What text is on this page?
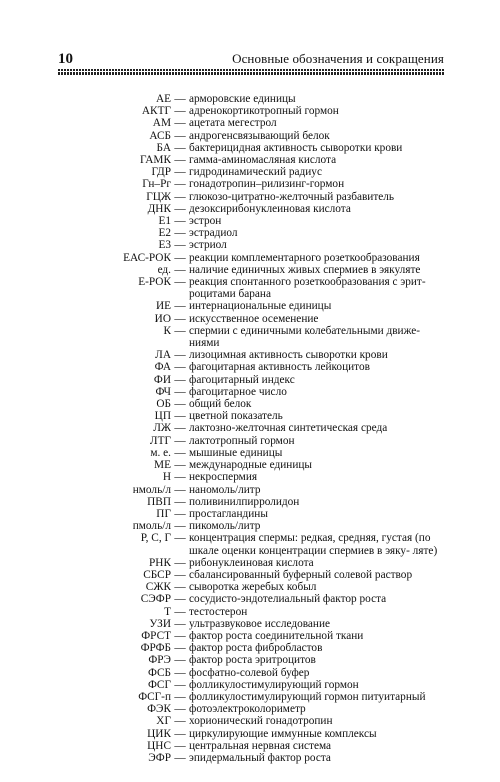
10	Основные обозначения и сокращения
АЕ — арморовские единицы
АКТГ — адренокортикотропный гормон
АМ — ацетата мегестрол
АСБ — андрогенсвязывающий белок
БА — бактерицидная активность сыворотки крови
ГАМК — гамма-аминомасляная кислота
ГДР — гидродинамический радиус
Гн–Рг — гонадотропин–рилизинг-гормон
ГЦЖ — глюкозо-цитратно-желточный разбавитель
ДНК — дезоксирибонуклеиновая кислота
Е1 — эстрон
Е2 — эстрадиол
Е3 — эстриол
ЕАС-РОК — реакции комплементарного розеткообразования
ед. — наличие единичных живых спермиев в эякуляте
Е-РОК — реакция спонтанного розеткообразования с эрит- роцитами барана
ИЕ — интернациональные единицы
ИО — искусственное осеменение
К — спермии с единичными колебательными движе- ниями
ЛА — лизоцимная активность сыворотки крови
ФА — фагоцитарная активность лейкоцитов
ФИ — фагоцитарный индекс
ФЧ — фагоцитарное число
ОБ — общий белок
ЦП — цветной показатель
ЛЖ — лактозно-желточная синтетическая среда
ЛТГ — лактотропный гормон
м. е. — мышиные единицы
МЕ — международные единицы
Н — некроспермия
нмоль/л — наномоль/литр
ПВП — поливинилпирролидон
ПГ — простагландины
пмоль/л — пикомоль/литр
Р, С, Г — концентрация спермы: редкая, средняя, густая (по шкале оценки концентрации спермиев в эяку- ляте)
РНК — рибонуклеиновая кислота
СБСР — сбалансированный буферный солевой раствор
СЖК — сыворотка жеребых кобыл
СЭФР — сосудисто-эндотелиальный фактор роста
Т — тестостерон
УЗИ — ультразвуковое исследование
ФРСТ — фактор роста соединительной ткани
ФРФБ — фактор роста фибробластов
ФРЭ — фактор роста эритроцитов
ФСБ — фосфатно-солевой буфер
ФСГ — фолликулостимулирующий гормон
ФСГ-п — фолликулостимулирующий гормон питуитарный
ФЭК — фотоэлектроколориметр
ХГ — хорионический гонадотропин
ЦИК — циркулирующие иммунные комплексы
ЦНС — центральная нервная система
ЭФР — эпидермальный фактор роста
